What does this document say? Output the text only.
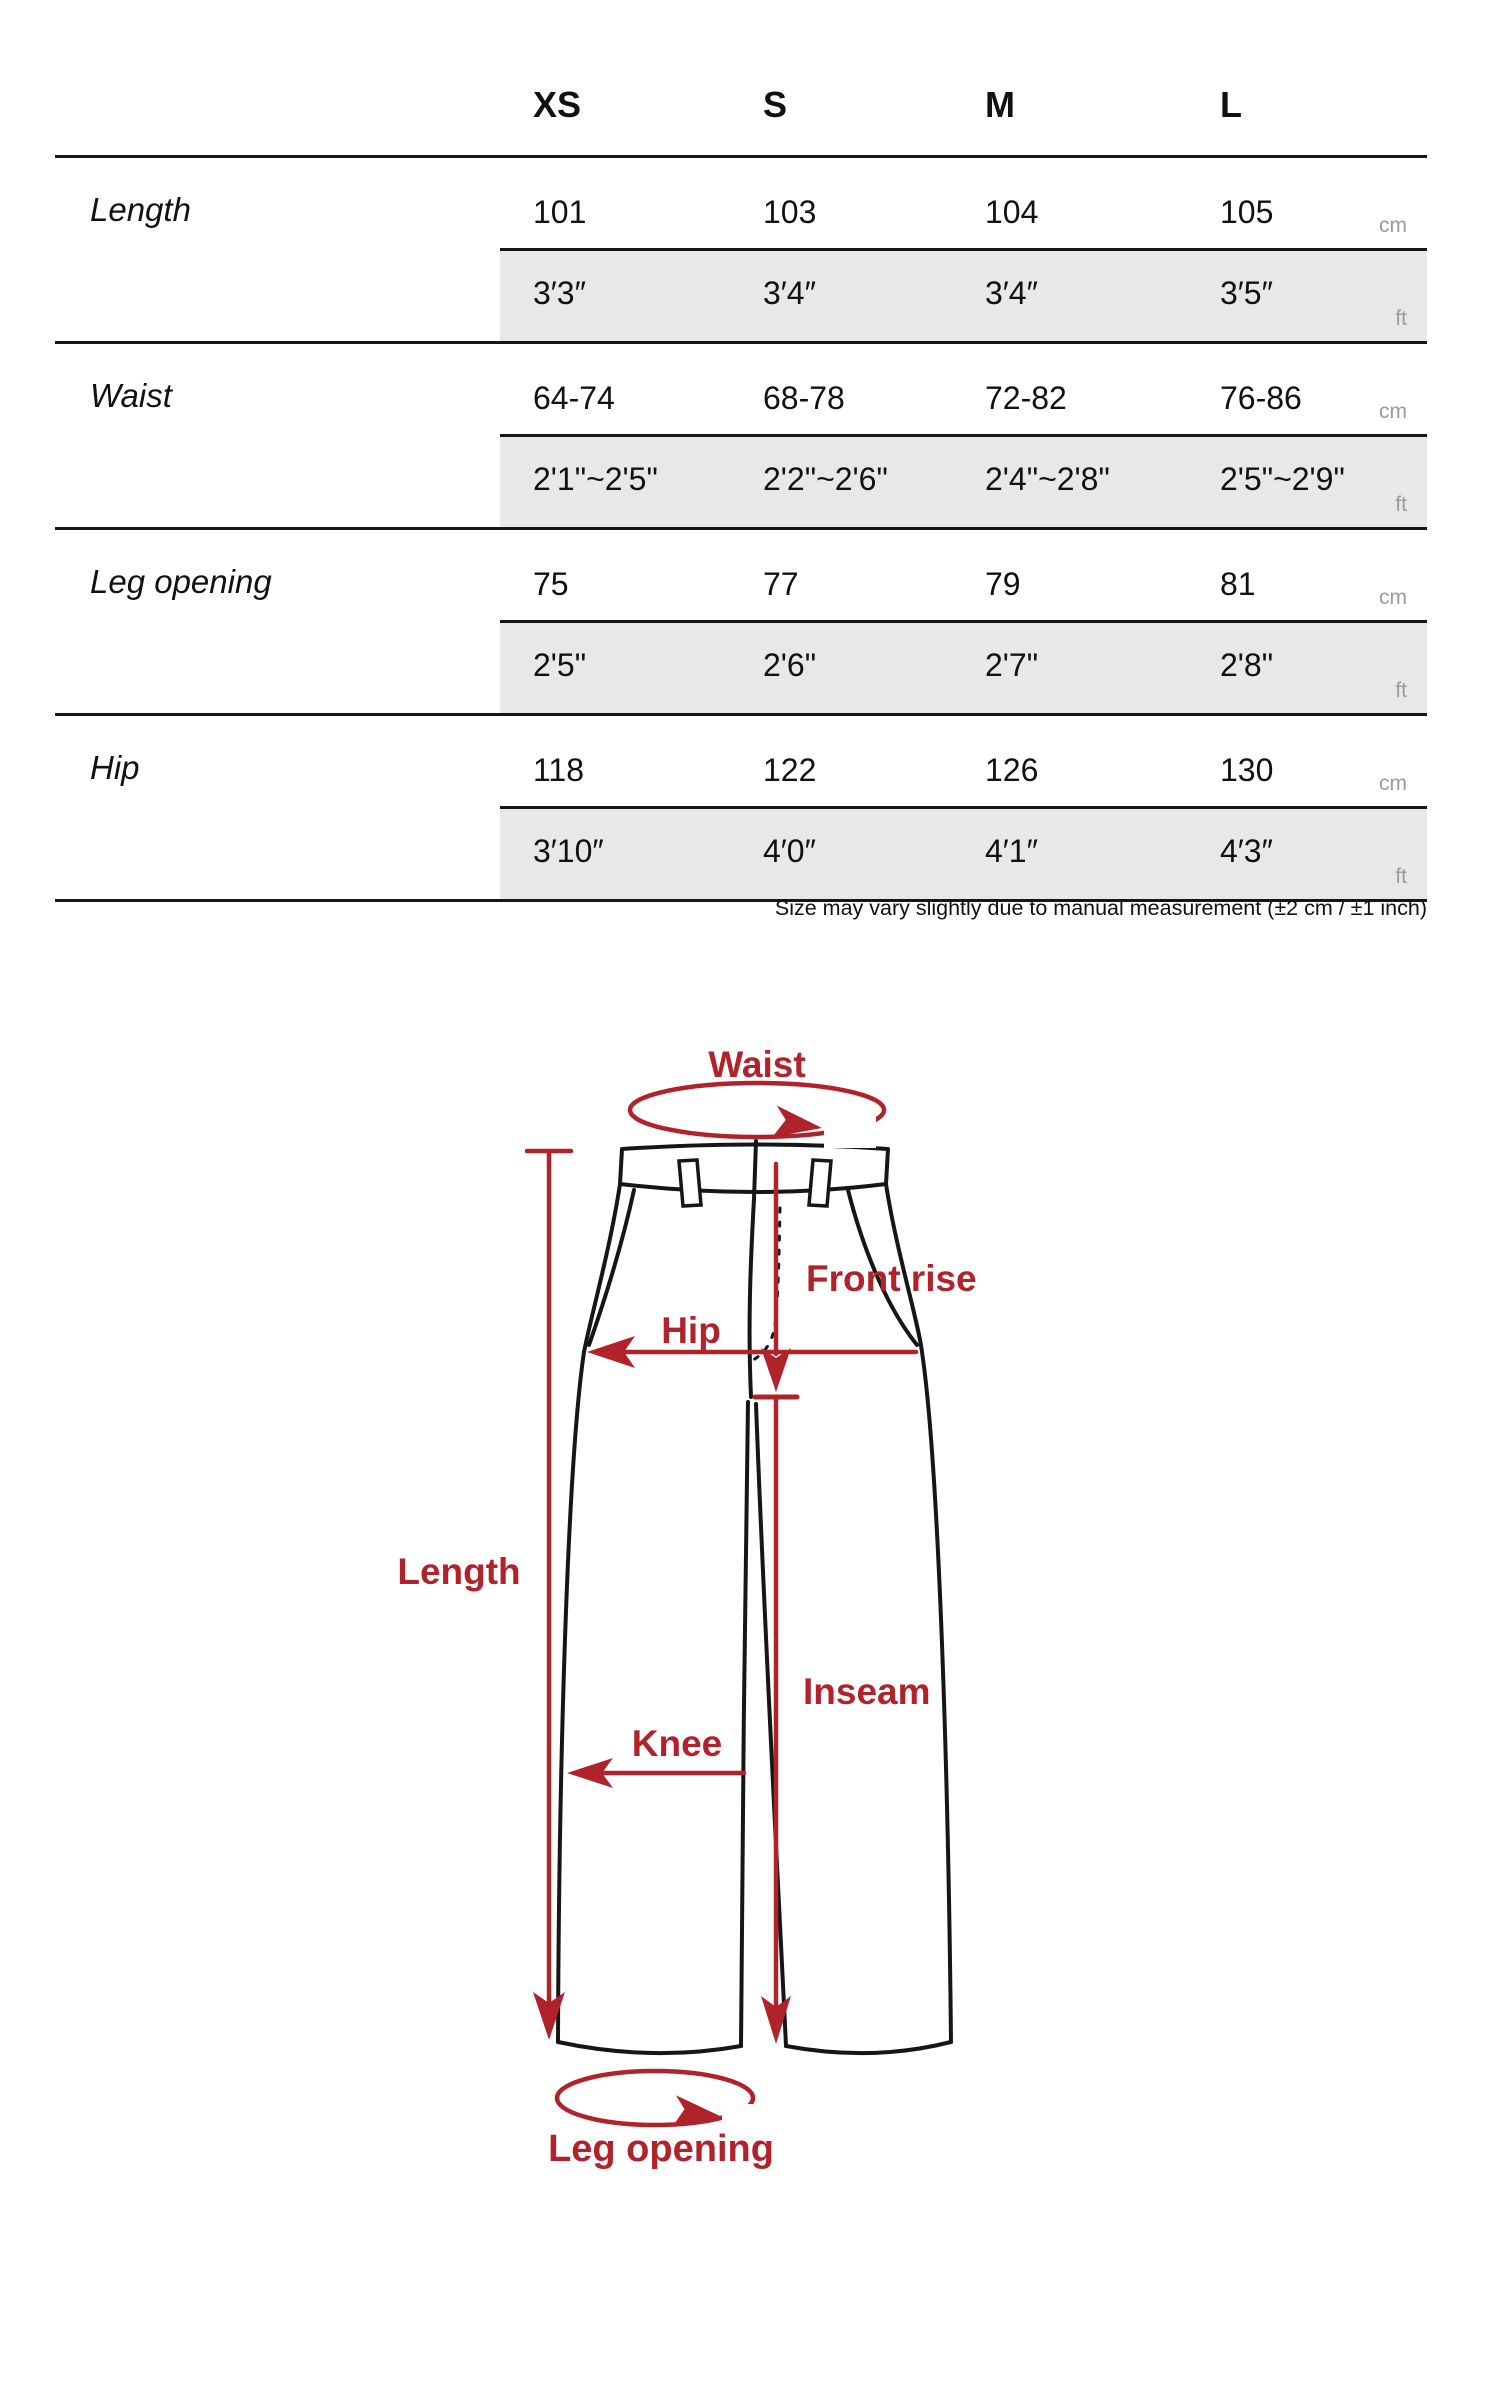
XS	S	M	L
Length	101	103	104	105	cm
3′3″	3′4″	3′4″	3′5″
ft
Waist	64-74	68-78	72-82	76-86	cm
2'1"~2'5"	2'2"~2'6"	2'4"~2'8"	2'5"~2'9"
ft
Leg opening	75	77	79	81	cm
2'5"	2'6"	2'7"	2'8"
ft
Hip	118	122	126	130	cm
3′10″	4′0″	4′1″	4′3″
ft
Size may vary slightly due to manual measurement (±2 cm / ±1 inch)
Waist
Front rise
Hip
Length
Inseam
Knee
Leg opening
